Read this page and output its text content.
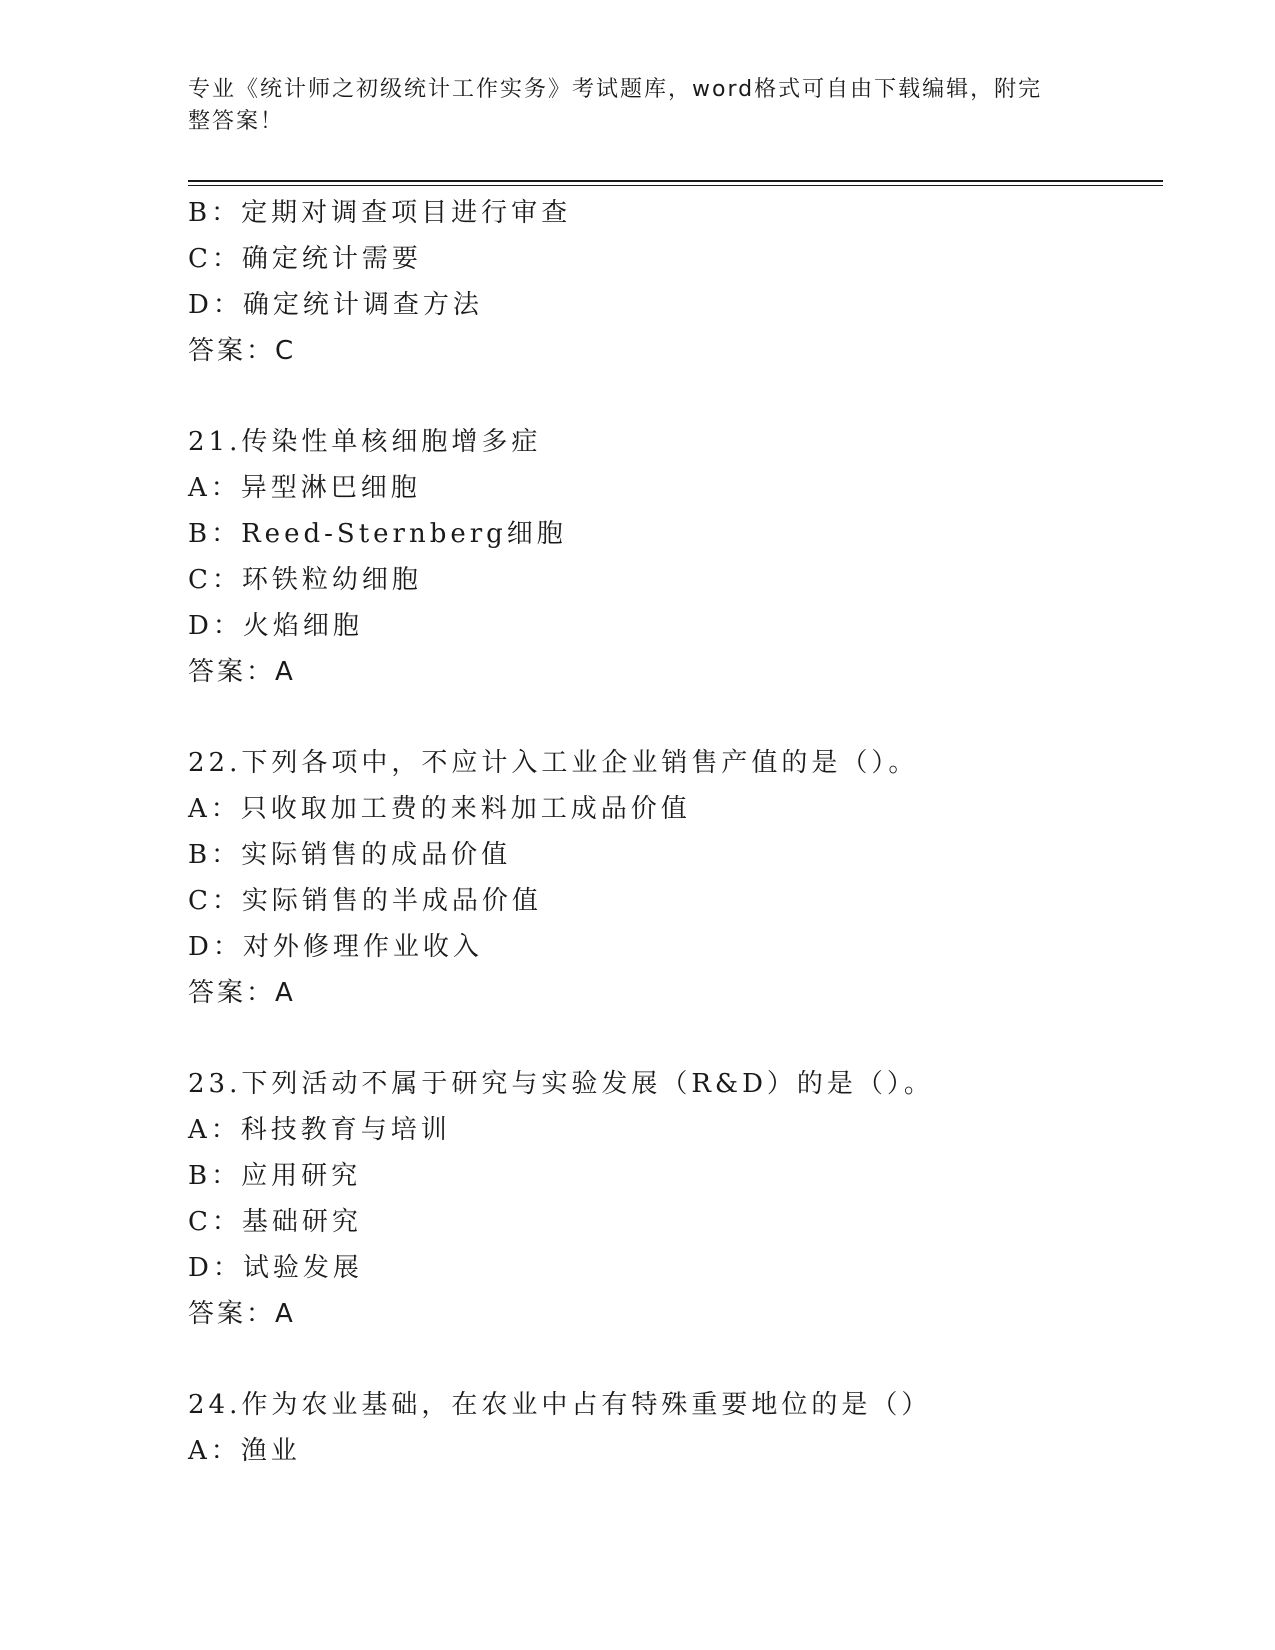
专业《统计师之初级统计工作实务》考试题库，word格式可自由下载编辑，附完
整答案！
B：定期对调查项目进行审查
C：确定统计需要
D：确定统计调查方法
答案：C
21.传染性单核细胞增多症
A：异型淋巴细胞
B：Reed-Sternberg细胞
C：环铁粒幼细胞
D：火焰细胞
答案：A
22.下列各项中，不应计入工业企业销售产值的是（）。
A：只收取加工费的来料加工成品价值
B：实际销售的成品价值
C：实际销售的半成品价值
D：对外修理作业收入
答案：A
23.下列活动不属于研究与实验发展（R&D）的是（）。
A：科技教育与培训
B：应用研究
C：基础研究
D：试验发展
答案：A
24.作为农业基础，在农业中占有特殊重要地位的是（）
A：渔业
